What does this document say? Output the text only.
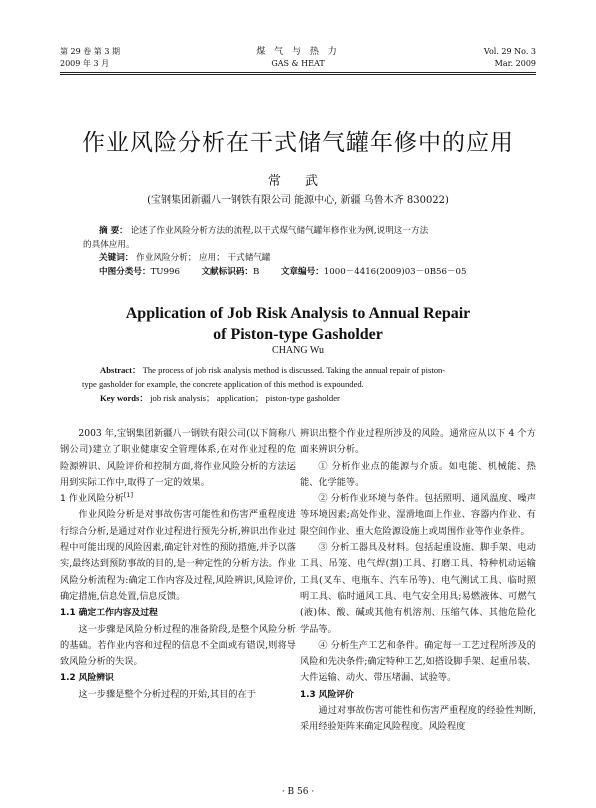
第 29 卷 第 3 期
2009 年 3 月
煤 气 与 热 力
GAS & HEAT
Vol. 29 No. 3
Mar. 2009
作业风险分析在干式储气罐年修中的应用
常 武
(宝钢集团新疆八一钢铁有限公司 能源中心, 新疆 乌鲁木齐 830022)
摘 要： 论述了作业风险分析方法的流程,以干式煤气储气罐年修作业为例,说明这一方法
的具体应用。
关键词： 作业风险分析； 应用； 干式储气罐
中图分类号：TU996 文献标识码：B 文章编号：1000－4416(2009)03－0B56－05
Application of Job Risk Analysis to Annual Repair
of Piston-type Gasholder
CHANG Wu
Abstract： The process of job risk analysis method is discussed. Taking the annual repair of piston-
type gasholder for example, the concrete application of this method is expounded.
Key words： job risk analysis； application； piston-type gasholder

2003 年,宝钢集团新疆八一钢铁有限公司(以下简称八钢公司)建立了职业健康安全管理体系,在对作业过程的危险源辨识、风险评价和控制方面,将作业风险分析的方法运用到实际工作中,取得了一定的效果。

1 作业风险分析[1]

作业风险分析是对事故伤害可能性和伤害严重程度进行综合分析,是通过对作业过程进行预先分析,辨识出作业过程中可能出现的风险因素,确定针对性的预防措施,并予以落实,最终达到预防事故的目的,是一种定性的分析方法。作业风险分析流程为:确定工作内容及过程,风险辨识,风险评价,确定措施,信息处置,信息反馈。

1.1 确定工作内容及过程

这一步骤是风险分析过程的准备阶段,是整个风险分析的基础。若作业内容和过程的信息不全面或有错误,则将导致风险分析的失误。

1.2 风险辨识

这一步骤是整个分析过程的开始,其目的在于

辨识出整个作业过程所涉及的风险。通常应从以下 4 个方面来辨识分析。

① 分析作业点的能源与介质。如电能、机械能、热能、化学能等。

② 分析作业环境与条件。包括照明、通风温度、噪声等环境因素;高处作业、湿滑地面上作业、容器内作业、有限空间作业、重大危险源设施上或周围作业等作业条件。

③ 分析工器具及材料。包括起重设施、脚手架、电动工具、吊笼、电气焊(割)工具、打磨工具、特种机动运输工具(叉车、电瓶车、汽车吊等)、电气测试工具、临时照明工具、临时通风工具、电气安全用具;易燃液体、可燃气(液)体、酸、碱或其他有机溶剂、压缩气体、其他危险化学品等。

④ 分析生产工艺和条件。确定每一工艺过程所涉及的风险和先决条件;确定特种工艺,如搭设脚手架、起重吊装、大件运输、动火、带压堵漏、试验等。

1.3 风险评价

通过对事故伤害可能性和伤害严重程度的经验性判断,采用经验矩阵来确定风险程度。风险程度

· B 56 ·
